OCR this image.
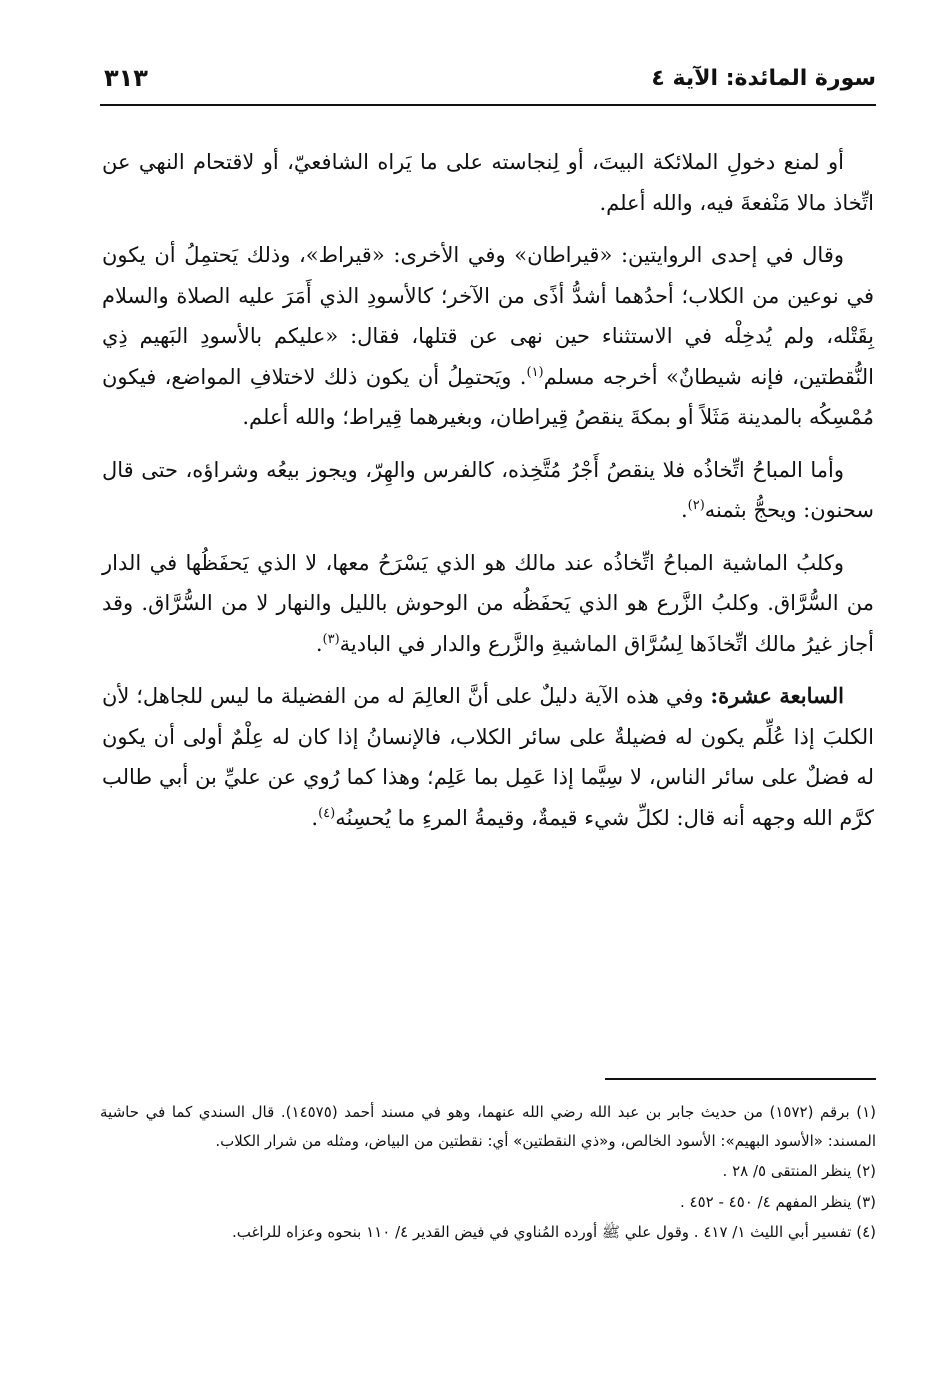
سورة المائدة: الآية ٤
٣١٣

أو لمنع دخولِ الملائكة البيتَ، أو لِنجاسته على ما يَراه الشافعيّ، أو لاقتحام النهي عن اتِّخاذ مالا مَنْفعةَ فيه، والله أعلم.

وقال في إحدى الروايتين: «قيراطان» وفي الأخرى: «قيراط»، وذلك يَحتمِلُ أن يكون في نوعين من الكلاب؛ أحدُهما أشدُّ أذًى من الآخر؛ كالأسودِ الذي أَمَرَ عليه الصلاة والسلام بِقَتْله، ولم يُدخِلْه في الاستثناء حين نهى عن قتلها، فقال: «عليكم بالأسودِ البَهيم ذِي النُّقطتين، فإنه شيطانٌ» أخرجه مسلم$^{(١)}$. ويَحتمِلُ أن يكون ذلك لاختلافِ المواضع، فيكون مُمْسِكُه بالمدينة مَثَلاً أو بمكةَ ينقصُ قِيراطان، وبغيرهما قِيراط؛ والله أعلم.

وأما المباحُ اتِّخاذُه فلا ينقصُ أَجْرُ مُتَّخِذه، كالفرس والهِرّ، ويجوز بيعُه وشراؤه، حتى قال سحنون: ويحجُّ بثمنه$^{(٢)}$.

وكلبُ الماشية المباحُ اتِّخاذُه عند مالك هو الذي يَسْرَحُ معها، لا الذي يَحفَظُها في الدار من السُّرَّاق. وكلبُ الزَّرع هو الذي يَحفَظُه من الوحوش بالليل والنهار لا من السُّرَّاق. وقد أجاز غيرُ مالك اتِّخاذَها لِسُرَّاق الماشيةِ والزَّرع والدار في البادية$^{(٣)}$.

السابعة عشرة: وفي هذه الآية دليلٌ على أنَّ العالِمَ له من الفضيلة ما ليس للجاهل؛ لأن الكلبَ إذا عُلِّم يكون له فضيلةٌ على سائر الكلاب، فالإنسانُ إذا كان له عِلْمٌ أولى أن يكون له فضلٌ على سائر الناس، لا سِيَّما إذا عَمِل بما عَلِم؛ وهذا كما رُوي عن عليِّ بن أبي طالب كرَّم الله وجهه أنه قال: لكلِّ شيء قيمةٌ، وقيمةُ المرءِ ما يُحسِنُه$^{(٤)}$.

(١) برقم (١٥٧٢) من حديث جابر بن عبد الله رضي الله عنهما، وهو في مسند أحمد (١٤٥٧٥). قال السندي كما في حاشية المسند: «الأسود البهيم»: الأسود الخالص، و«ذي النقطتين» أي: نقطتين من البياض، ومثله من شرار الكلاب.

(٢) ينظر المنتقى ٥/ ٢٨ .

(٣) ينظر المفهم ٤/ ٤٥٠ - ٤٥٢ .

(٤) تفسير أبي الليث ١/ ٤١٧ . وقول علي ﷺ أورده المُناوي في فيض القدير ٤/ ١١٠ بنحوه وعزاه للراغب.
